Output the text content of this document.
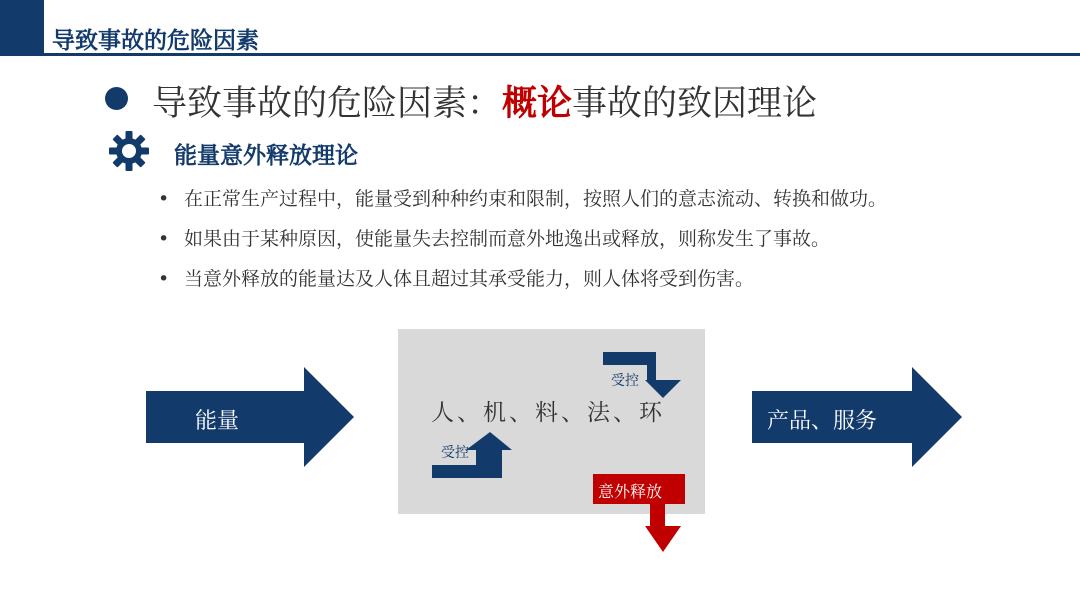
导致事故的危险因素
导致事故的危险因素：概论事故的致因理论
能量意外释放理论
• 在正常生产过程中，能量受到种种约束和限制，按照人们的意志流动、转换和做功。
• 如果由于某种原因，使能量失去控制而意外地逸出或释放，则称发生了事故。
• 当意外释放的能量达及人体且超过其承受能力，则人体将受到伤害。
能量	人、机、料、法、环
受控
受控
意外释放
产品、服务
